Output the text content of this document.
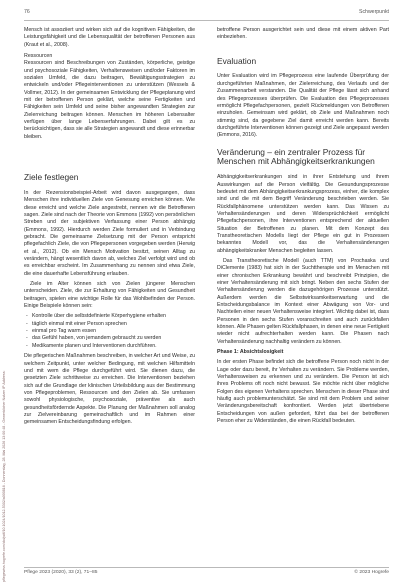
pflegewiss.hogrefe.com/doi/pdf/10.1024/1012-5302/a000816 - Donnerstag, 28. Mai 2026 13:00:48 - Gewerblicher Nutzer IP Address:
76	Schwerpunkt

Mensch ist assoziiert und wirken sich auf die kognitiven Fähigkeiten, die Leistungsfähigkeit und die Lebensqualität der betroffenen Personen aus (Kraut et al., 2008).

Ressourcen

Ressourcen sind Beschreibungen von Zuständen, körperliche, geistige und psychosoziale Fähigkeiten, Verhaltensweisen und/oder Faktoren im sozialen Umfeld, die dazu beitragen, Bewältigungsstrategien zu entwickeln und/oder Pflegeinterventionen zu unterstützen (Wessels & Vollmer, 2012). In der gemeinsamen Entwicklung der Pflegeplanung wird mit der betroffenen Person geklärt, welche seine Fertigkeiten und Fähigkeiten sein Umfeld und seine bisher angewandten Strategien zur Zielerreichung beitragen können. Menschen im höheren Lebensalter verfügen über lange Lebenserfahrungen. Dabei gilt es zu berücksichtigen, dass sie alle Strategien angewandt und diese erinnerbar bleiben.

Ziele festlegen

In der Rezensionsbeispiel-Arbeit wird davon ausgegangen, dass Menschen ihre individuellen Ziele von Genesung erreichen können. Wie diese erreicht und welche Ziele angestrebt, nennen wir die Betroffenen sagen. Ziele sind nach der Theorie von Emmons (1992) von persönlichen Streben und der subjektiven Verfassung einer Person abhängig (Emmons, 1992). Hierdurch werden Ziele formuliert und in Verbindung gebracht. Die gemeinsame Zielsetzung mit der Person entspricht pflegefachlich Ziele, die von Pflegepersonen vorgegeben werden (Herwig et al., 2012). Ob ein Mensch Motivation besitzt, seinen Alltag zu verändern, hängt wesentlich davon ab, welches Ziel verfolgt wird und ob es erreichbar erscheint. Im Zusammenhang zu nennen sind etwa Ziele, die eine dauerhafte Lebensführung erlauben.

Ziele im Alter können sich von Zielen jüngerer Menschen unterscheiden. Ziele, die zur Erhaltung von Fähigkeiten und Gesundheit beitragen, spielen eine wichtige Rolle für das Wohlbefinden der Person. Einige Beispiele können sein:

- Kontrolle über die selbstdefinierte Körperhygiene erhalten
- täglich einmal mit einer Person sprechen
- einmal pro Tag warm essen
- das Gefühl haben, von jemandem gebraucht zu werden
- Medikamente planen und Interventionen durchführen.

Die pflegerischen Maßnahmen beschreiben, in welcher Art und Weise, zu welchem Zeitpunkt, unter welcher Bedingung, mit welchen Hilfsmitteln und mit wem die Pflege durchgeführt wird. Sie dienen dazu, die gesetzten Ziele schrittweise zu erreichen. Die Interventionen beziehen sich auf die Grundlage der klinischen Urteilsbildung aus der Bestimmung von Pflegeproblemen, Ressourcen und den Zielen ab. Sie umfassen sowohl physiologische, psychosoziale, präventive als auch gesundheitsfördernde Aspekte. Die Planung der Maßnahmen soll analog zur Zielvereinbarung gemeinschaftlich und im Rahmen einer gemeinsamen Entscheidungsfindung erfolgen.

betroffene Person ausgerichtet sein und diese mit einem aktiven Part einbeziehen.

Evaluation

Unter Evaluation wird im Pflegeprozess eine laufende Überprüfung der durchgeführten Maßnahmen, der Zielerreichung, des Verlaufs und der Zusammenarbeit verstanden. Die Qualität der Pflege lässt sich anhand des Pflegeprozesses überprüfen. Die Evaluation des Pflegeprozesses ermöglicht Pflegefachpersonen, gezielt Rückmeldungen von Betroffenen einzuholen. Gemeinsam wird geklärt, ob Ziele und Maßnahmen noch stimmig sind, da gegebene Ziel damit erreicht werden kann. Bereits durchgeführte Interventionen können gezeigt und Ziele angepasst werden (Emmons, 2016).

Veränderung – ein zentraler Prozess für Menschen mit Abhängigkeitserkrankungen

Abhängigkeitserkrankungen sind in ihrer Entstehung und ihrem Auswirkungen auf die Person vielfältig. Die Gesundungsprozesse bedeutet mit dem Abhängigkeitserkrankungsprozess, einher, die komplex sind und die mit dem Begriff Veränderung beschrieben werden. Sie Rückfallphänomene unterstützen werden kann. Das Wissen zu Verhaltensänderungen und deren Widersprüchlichkeit ermöglicht Pflegefachpersonen, ihre Interventionen entsprechend der aktuellen Situation der Betroffenen zu planen. Mit dem Konzept des Transtheoretischen Modells liegt der Pflege ein gut in Prozessen bekanntes Modell vor, das die Verhaltensänderungen abhängigkeitskranker Menschen begleiten lassen.

Das Transtheoretische Modell (auch TTM) von Prochaska und DiClemente (1983) hat sich in der Suchttherapie und im Menschen mit einer chronischen Erkrankung bewährt und beschreibt Prinzipien, die einer Verhaltensänderung mit sich bringt. Neben den sechs Stufen der Verhaltensänderung werden die dazugehörigen Prozesse unterstützt. Außerdem werden die Selbstwirksamkeitserwartung und die Entscheidungsbalance im Kontext einer Abwägung von Vor- und Nachteilen einer neuen Verhaltensweise integriert. Wichtig dabei ist, dass Personen in den sechs Stufen voranschreiten und auch zurückfallen können. Alle Phasen gelten Rückfallphasen, in denen eine neue Fertigkeit wieder nicht aufrechterhalten werden kann. Die Phasen nach Verhaltensänderung nachhaltig verändern zu können.

Phase 1: Absichtslosigkeit

In der ersten Phase befindet sich die betroffene Person noch nicht in der Lage oder dazu bereit, ihr Verhalten zu verändern. Sie Probleme werden, Verhaltensweisen zu erkennen und zu verändern. Die Person ist sich ihres Problems oft noch nicht bewusst. Sie möchte nicht über mögliche Folgen des eigenen Verhaltens sprechen. Menschen in dieser Phase sind häufig auch problemunterschätzt. Sie sind mit dem Problem und seiner Veränderungsbereitschaft konfrontiert. Werden jetzt übertriebene Entscheidungen von außen gefordert, führt das bei der betroffenen Person eher zu Widerständen, die einen Rückfall bedeuten.

Pflege 2023 (2020), 33 (2), 71–85	© 2023 Hogrefe
